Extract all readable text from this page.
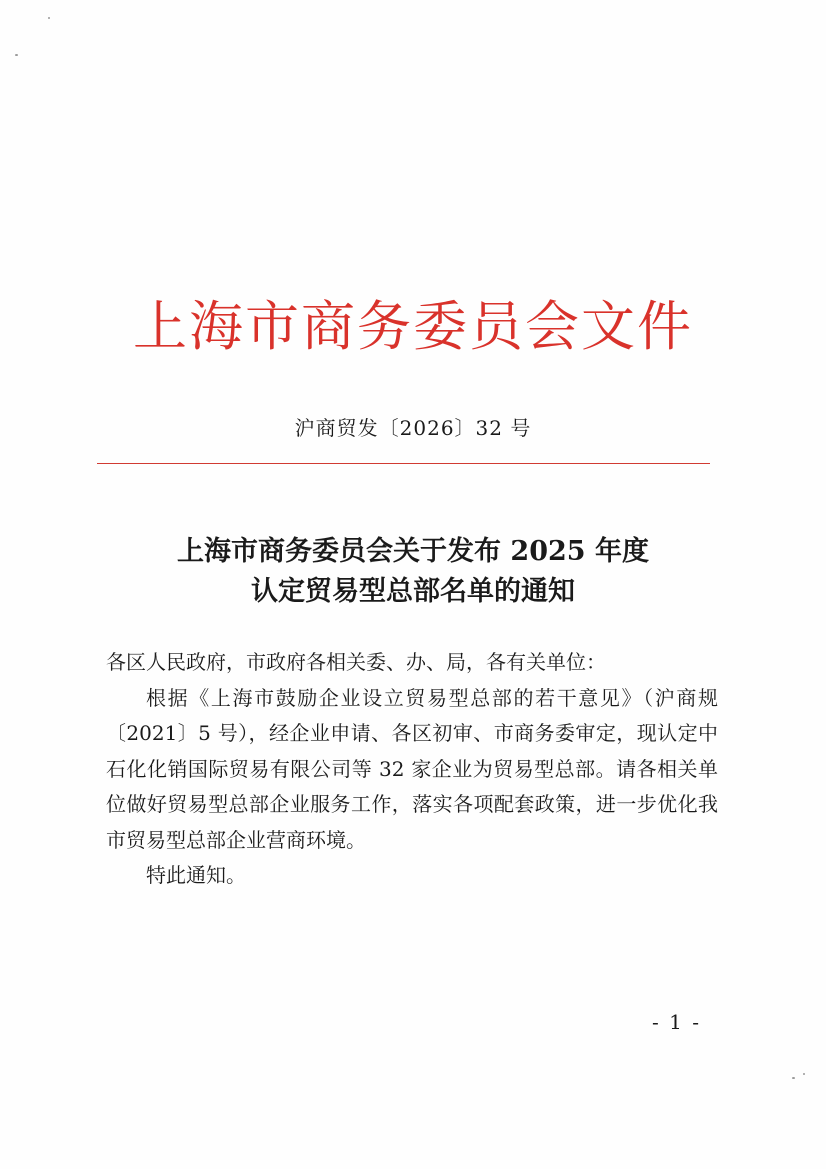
上海市商务委员会文件
沪商贸发〔2026〕32 号
上海市商务委员会关于发布 2025 年度
认定贸易型总部名单的通知

各区人民政府，市政府各相关委、办、局，各有关单位：

根据《上海市鼓励企业设立贸易型总部的若干意见》（沪商规〔2021〕5 号），经企业申请、各区初审、市商务委审定，现认定中石化化销国际贸易有限公司等 32 家企业为贸易型总部。请各相关单位做好贸易型总部企业服务工作，落实各项配套政策，进一步优化我市贸易型总部企业营商环境。

特此通知。

- 1 -
